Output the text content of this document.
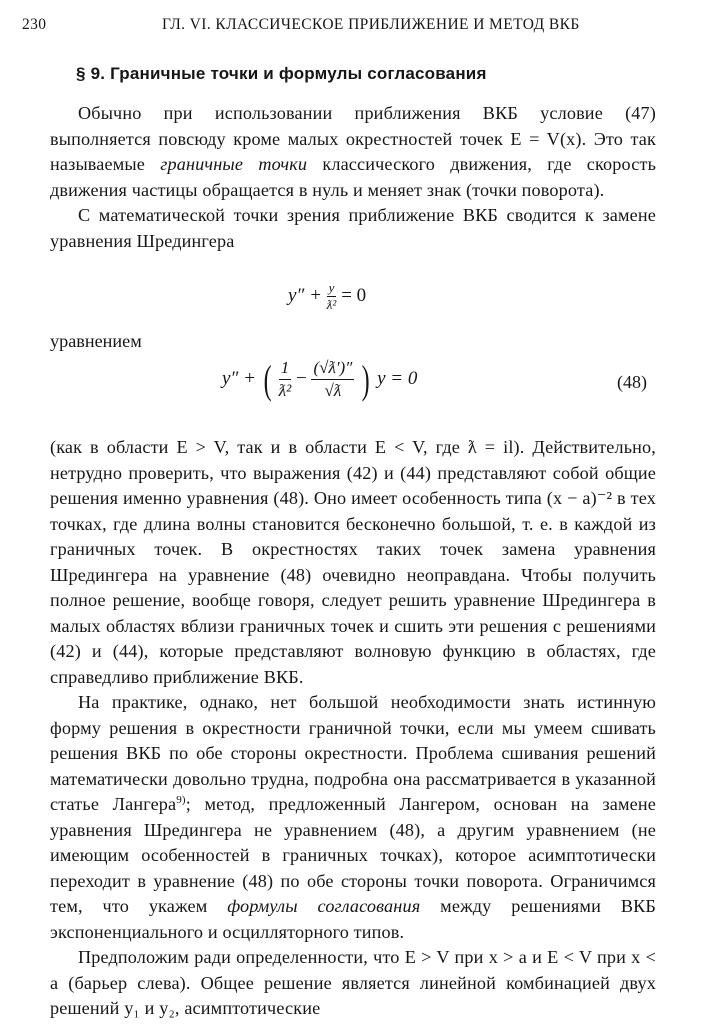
230	ГЛ. VI. КЛАССИЧЕСКОЕ ПРИБЛИЖЕНИЕ И МЕТОД ВКБ
§ 9. Граничные точки и формулы согласования

Обычно при использовании приближения ВКБ условие (47) выполняется повсюду кроме малых окрестностей точек E = V(x). Это так называемые граничные точки классического движения, где скорость движения частицы обращается в нуль и меняет знак (точки поворота).

С математической точки зрения приближение ВКБ сводится к замене уравнения Шредингера

$y'' + \frac{y}{\text{ƛ²}} = 0$
уравнением
y″ + ( $\frac{1}{\text{ƛ²}} - \frac{(√ƛ')''}{√ƛ}$ ) y = 0	(48)

(как в области E > V, так и в области E < V, где ƛ = il). Действительно, нетрудно проверить, что выражения (42) и (44) представляют собой общие решения именно уравнения (48). Оно имеет особенность типа (x − a)⁻² в тех точках, где длина волны становится бесконечно большой, т. е. в каждой из граничных точек. В окрестностях таких точек замена уравнения Шредингера на уравнение (48) очевидно неоправдана. Чтобы получить полное решение, вообще говоря, следует решить уравнение Шредингера в малых областях вблизи граничных точек и сшить эти решения с решениями (42) и (44), которые представляют волновую функцию в областях, где справедливо приближение ВКБ.

На практике, однако, нет большой необходимости знать истинную форму решения в окрестности граничной точки, если мы умеем сшивать решения ВКБ по обе стороны окрестности. Проблема сшивания решений математически довольно трудна, подробна она рассматривается в указанной статье Лангера$^{9)}$; метод, предложенный Лангером, основан на замене уравнения Шредингера не уравнением (48), а другим уравнением (не имеющим особенностей в граничных точках), которое асимптотически переходит в уравнение (48) по обе стороны точки поворота. Ограничимся тем, что укажем формулы согласования между решениями ВКБ экспоненциального и осцилляторного типов.

Предположим ради определенности, что E > V при x > a и E < V при x < a (барьер слева). Общее решение является линейной комбинацией двух решений y₁ и y₂, асимптотические
